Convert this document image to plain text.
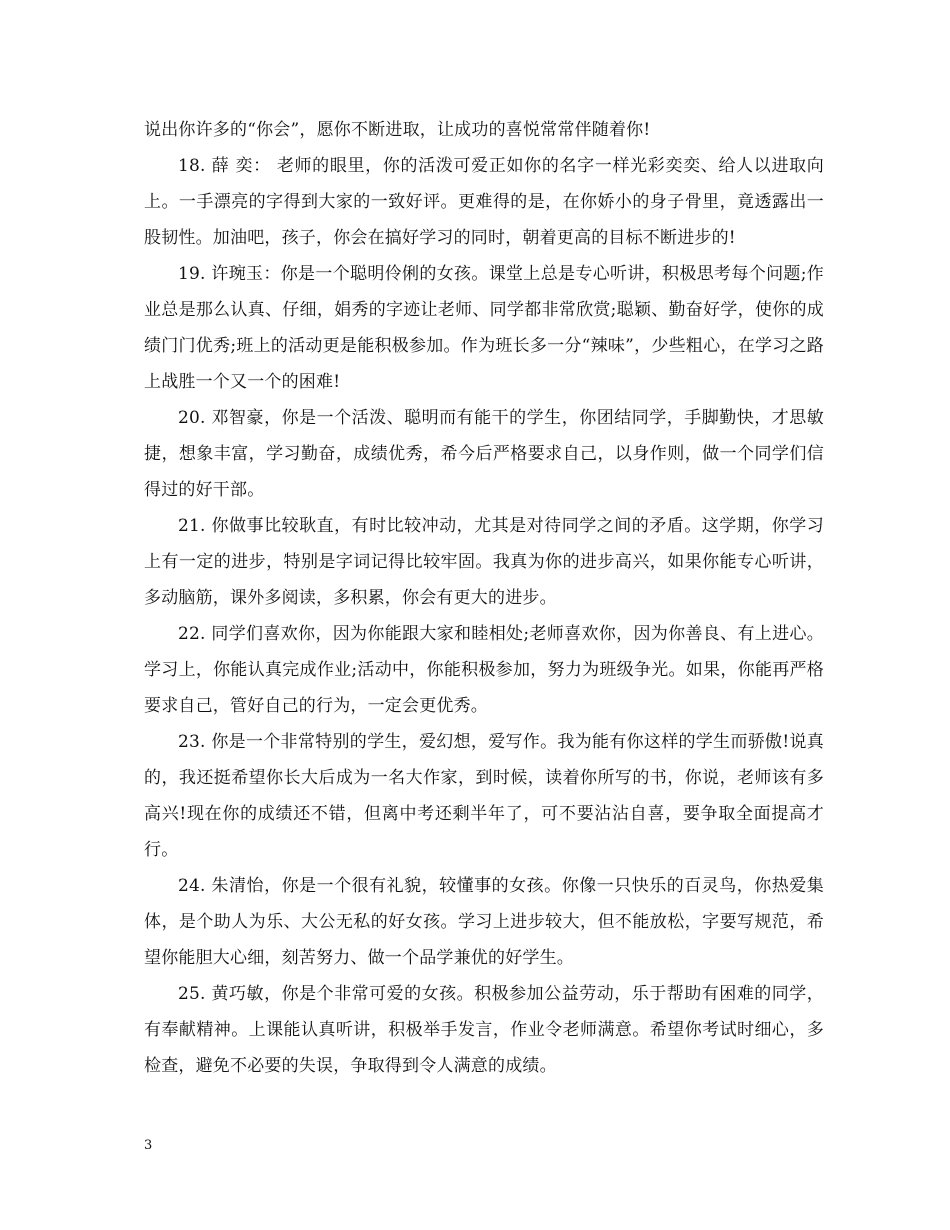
说出你许多的“你会”，愿你不断进取，让成功的喜悦常常伴随着你!

18. 薛 奕： 老师的眼里，你的活泼可爱正如你的名字一样光彩奕奕、给人以进取向上。一手漂亮的字得到大家的一致好评。更难得的是，在你娇小的身子骨里，竟透露出一股韧性。加油吧，孩子，你会在搞好学习的同时，朝着更高的目标不断进步的!

19. 许琬玉：你是一个聪明伶俐的女孩。课堂上总是专心听讲，积极思考每个问题;作业总是那么认真、仔细，娟秀的字迹让老师、同学都非常欣赏;聪颖、勤奋好学，使你的成绩门门优秀;班上的活动更是能积极参加。作为班长多一分“辣味”，少些粗心，在学习之路上战胜一个又一个的困难!

20. 邓智豪，你是一个活泼、聪明而有能干的学生，你团结同学，手脚勤快，才思敏捷，想象丰富，学习勤奋，成绩优秀，希今后严格要求自己，以身作则，做一个同学们信得过的好干部。

21. 你做事比较耿直，有时比较冲动，尤其是对待同学之间的矛盾。这学期，你学习上有一定的进步，特别是字词记得比较牢固。我真为你的进步高兴，如果你能专心听讲，多动脑筋，课外多阅读，多积累，你会有更大的进步。

22. 同学们喜欢你，因为你能跟大家和睦相处;老师喜欢你，因为你善良、有上进心。学习上，你能认真完成作业;活动中，你能积极参加，努力为班级争光。如果，你能再严格要求自己，管好自己的行为，一定会更优秀。

23. 你是一个非常特别的学生，爱幻想，爱写作。我为能有你这样的学生而骄傲!说真的，我还挺希望你长大后成为一名大作家，到时候，读着你所写的书，你说，老师该有多高兴!现在你的成绩还不错，但离中考还剩半年了，可不要沾沾自喜，要争取全面提高才行。

24. 朱清怡，你是一个很有礼貌，较懂事的女孩。你像一只快乐的百灵鸟，你热爱集体，是个助人为乐、大公无私的好女孩。学习上进步较大，但不能放松，字要写规范，希望你能胆大心细，刻苦努力、做一个品学兼优的好学生。

25. 黄巧敏，你是个非常可爱的女孩。积极参加公益劳动，乐于帮助有困难的同学，有奉献精神。上课能认真听讲，积极举手发言，作业令老师满意。希望你考试时细心，多检查，避免不必要的失误，争取得到令人满意的成绩。

3
